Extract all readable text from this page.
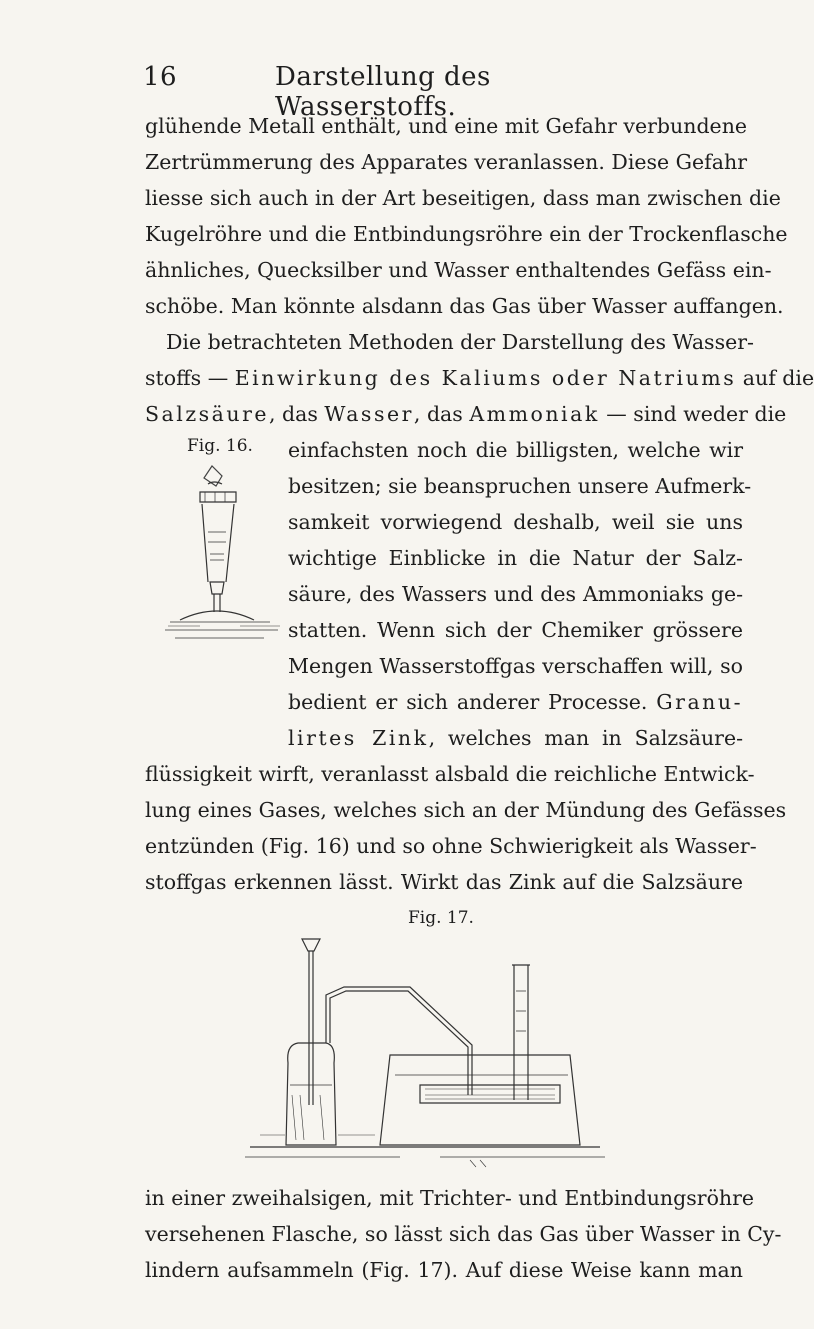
16	Darstellung des Wasserstoffs.
glühende Metall enthält, und eine mit Gefahr verbundene
Zertrümmerung des Apparates veranlassen. Diese Gefahr
liesse sich auch in der Art beseitigen, dass man zwischen die
Kugelröhre und die Entbindungsröhre ein der Trockenflasche
ähnliches, Quecksilber und Wasser enthaltendes Gefäss ein-
schöbe. Man könnte alsdann das Gas über Wasser auffangen.
Die betrachteten Methoden der Darstellung des Wasser-
stoffs — Einwirkung des Kaliums oder Natriums auf die
Salzsäure, das Wasser, das Ammoniak — sind weder die
Fig. 16. einfachsten noch die billigsten, welche wir
besitzen; sie beanspruchen unsere Aufmerk-
samkeit vorwiegend deshalb, weil sie uns
wichtige Einblicke in die Natur der Salz-
säure, des Wassers und des Ammoniaks ge-
statten. Wenn sich der Chemiker grössere
Mengen Wasserstoffgas verschaffen will, so
bedient er sich anderer Processe. Granu-
lirtes Zink, welches man in Salzsäure-
flüssigkeit wirft, veranlasst alsbald die reichliche Entwick-
lung eines Gases, welches sich an der Mündung des Gefässes
entzünden (Fig. 16) und so ohne Schwierigkeit als Wasser-
stoffgas erkennen lässt. Wirkt das Zink auf die Salzsäure
Fig. 17.
in einer zweihalsigen, mit Trichter- und Entbindungsröhre
versehenen Flasche, so lässt sich das Gas über Wasser in Cy-
lindern aufsammeln (Fig. 17). Auf diese Weise kann man
